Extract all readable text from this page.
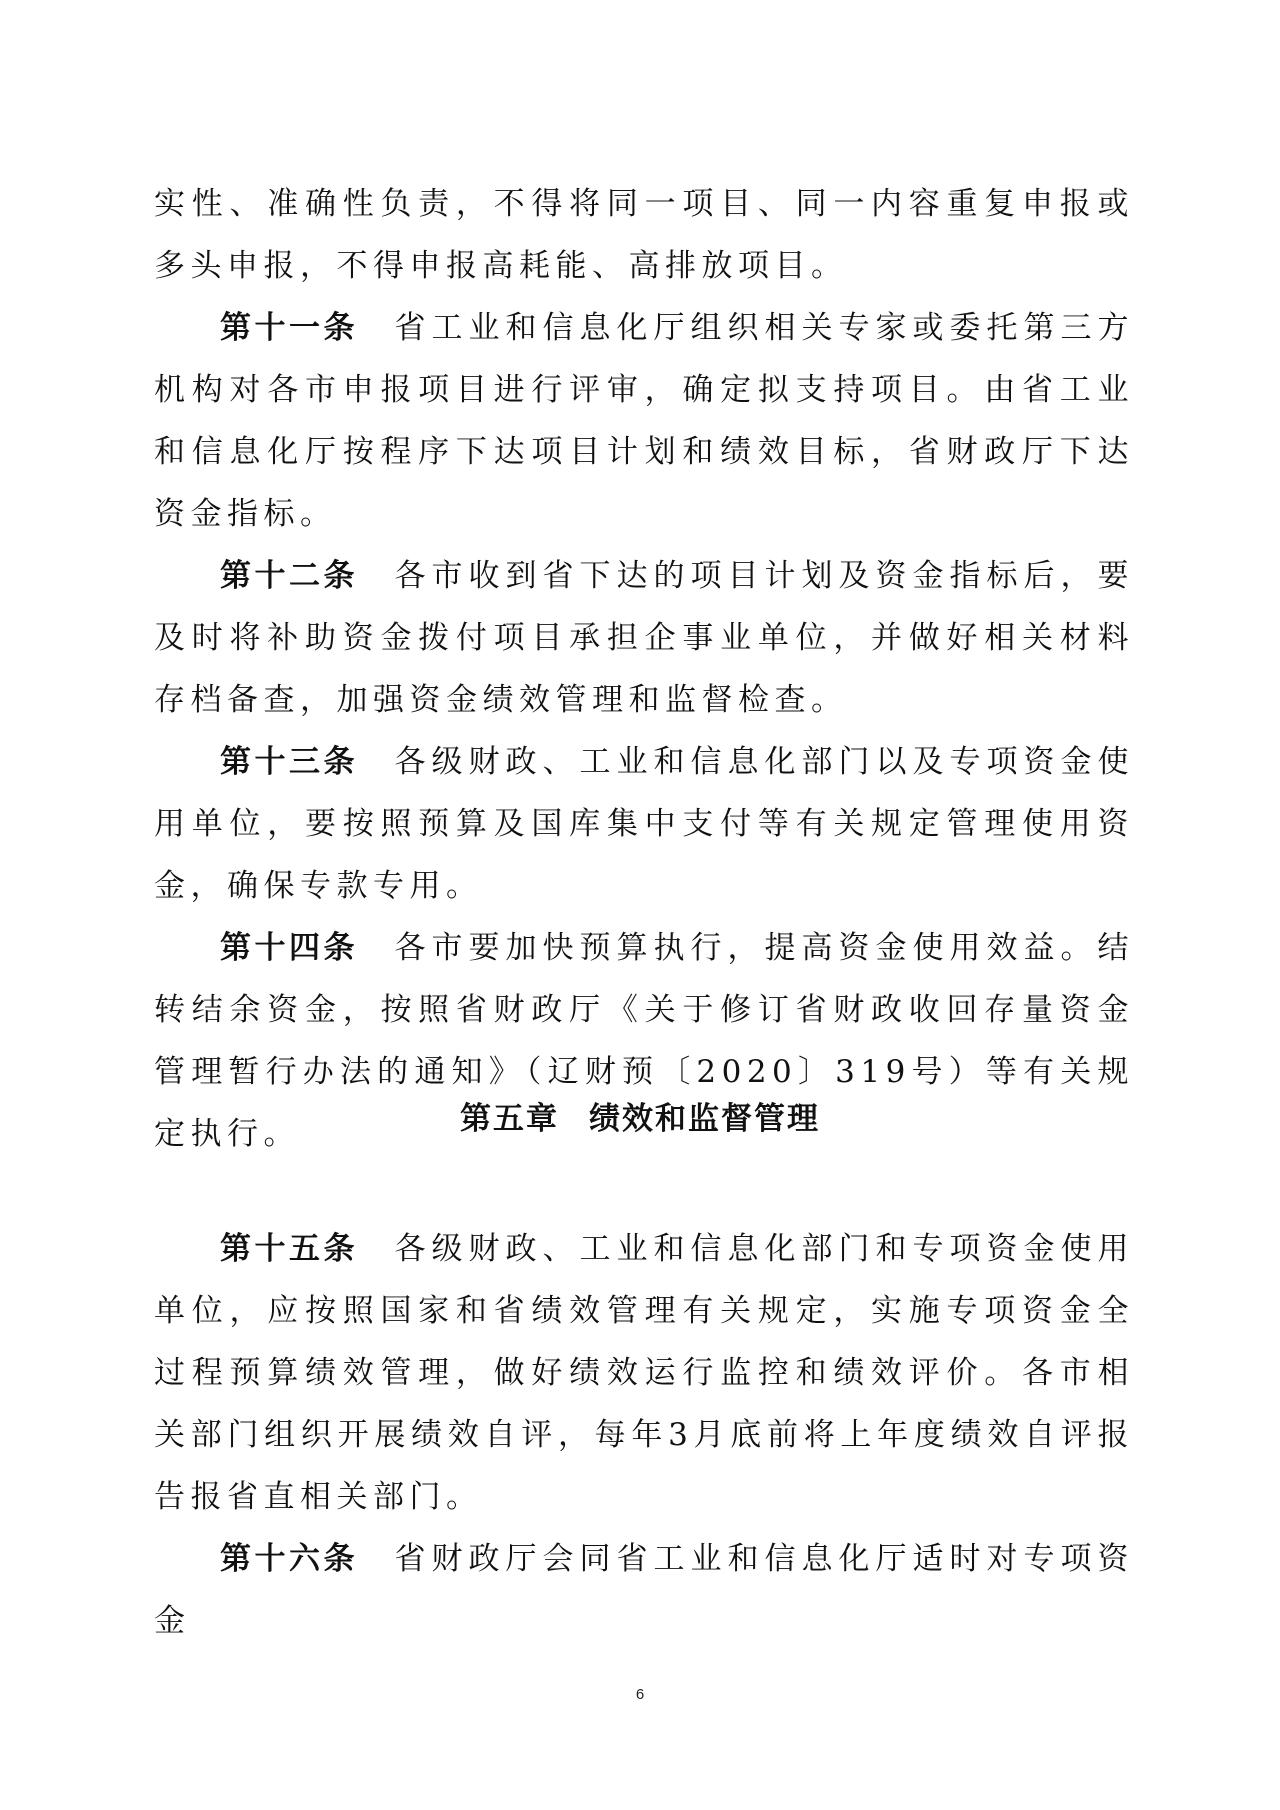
实性、准确性负责，不得将同一项目、同一内容重复申报或多头申报，不得申报高耗能、高排放项目。

第十一条 省工业和信息化厅组织相关专家或委托第三方机构对各市申报项目进行评审，确定拟支持项目。由省工业和信息化厅按程序下达项目计划和绩效目标，省财政厅下达资金指标。

第十二条 各市收到省下达的项目计划及资金指标后，要及时将补助资金拨付项目承担企事业单位，并做好相关材料存档备查，加强资金绩效管理和监督检查。

第十三条 各级财政、工业和信息化部门以及专项资金使用单位，要按照预算及国库集中支付等有关规定管理使用资金，确保专款专用。

第十四条 各市要加快预算执行，提高资金使用效益。结转结余资金，按照省财政厅《关于修订省财政收回存量资金管理暂行办法的通知》（辽财预〔2020〕319号）等有关规定执行。	第五章 绩效和监督管理

第十五条 各级财政、工业和信息化部门和专项资金使用单位，应按照国家和省绩效管理有关规定，实施专项资金全过程预算绩效管理，做好绩效运行监控和绩效评价。各市相关部门组织开展绩效自评，每年3月底前将上年度绩效自评报告报省直相关部门。

第十六条 省财政厅会同省工业和信息化厅适时对专项资金

6
